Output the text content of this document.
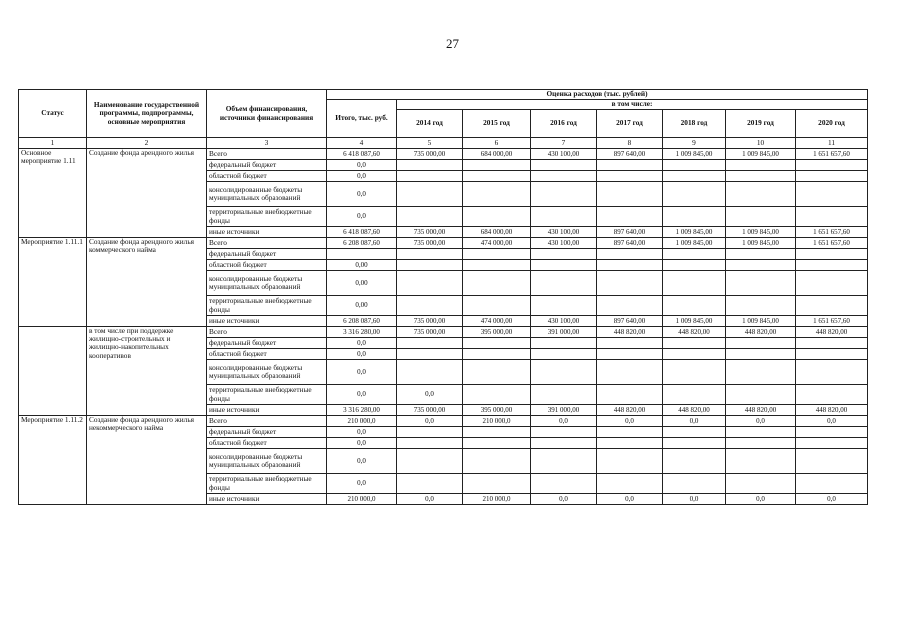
27
Статус	Наименование государственной программы, подпрограммы, основные мероприятия	Объем финансирования, источники финансирования	Оценка расходов (тыс. рублей)							
			Итого, тыс. руб.	в том числе:						
				2014 год	2015 год	2016 год	2017 год	2018 год	2019 год	2020 год
1	2	3	4	5	6	7	8	9	10	11
Основное мероприятие 1.11	Создание фонда арендного жилья	Всего	6 418 087,60	735 000,00	684 000,00	430 100,00	897 640,00	1 009 845,00	1 009 845,00	1 651 657,60
		федеральный бюджет	0,0							
		областной бюджет	0,0							
		консолидированные бюджеты муниципальных образований	0,0							
		территориальные внебюджетные фонды	0,0							
		иные источники	6 418 087,60	735 000,00	684 000,00	430 100,00	897 640,00	1 009 845,00	1 009 845,00	1 651 657,60
Мероприятие 1.11.1	Создание фонда арендного жилья коммерческого найма	Всего	6 208 087,60	735 000,00	474 000,00	430 100,00	897 640,00	1 009 845,00	1 009 845,00	1 651 657,60
		федеральный бюджет								
		областной бюджет	0,00							
		консолидированные бюджеты муниципальных образований	0,00							
		территориальные внебюджетные фонды	0,00							
		иные источники	6 208 087,60	735 000,00	474 000,00	430 100,00	897 640,00	1 009 845,00	1 009 845,00	1 651 657,60
	в том числе при поддержке жилищно-строительных и жилищно-накопительных кооперативов	Всего	3 316 280,00	735 000,00	395 000,00	391 000,00	448 820,00	448 820,00	448 820,00	448 820,00
		федеральный бюджет	0,0							
		областной бюджет	0,0							
		консолидированные бюджеты муниципальных образований	0,0							
		территориальные внебюджетные фонды	0,0	0,0						
		иные источники	3 316 280,00	735 000,00	395 000,00	391 000,00	448 820,00	448 820,00	448 820,00	448 820,00
Мероприятие 1.11.2	Создание фонда арендного жилья некоммерческого найма	Всего	210 000,0	0,0	210 000,0	0,0	0,0	0,0	0,0	0,0
		федеральный бюджет	0,0							
		областной бюджет	0,0							
		консолидированные бюджеты муниципальных образований	0,0							
		территориальные внебюджетные фонды	0,0							
		иные источники	210 000,0	0,0	210 000,0	0,0	0,0	0,0	0,0	0,0
